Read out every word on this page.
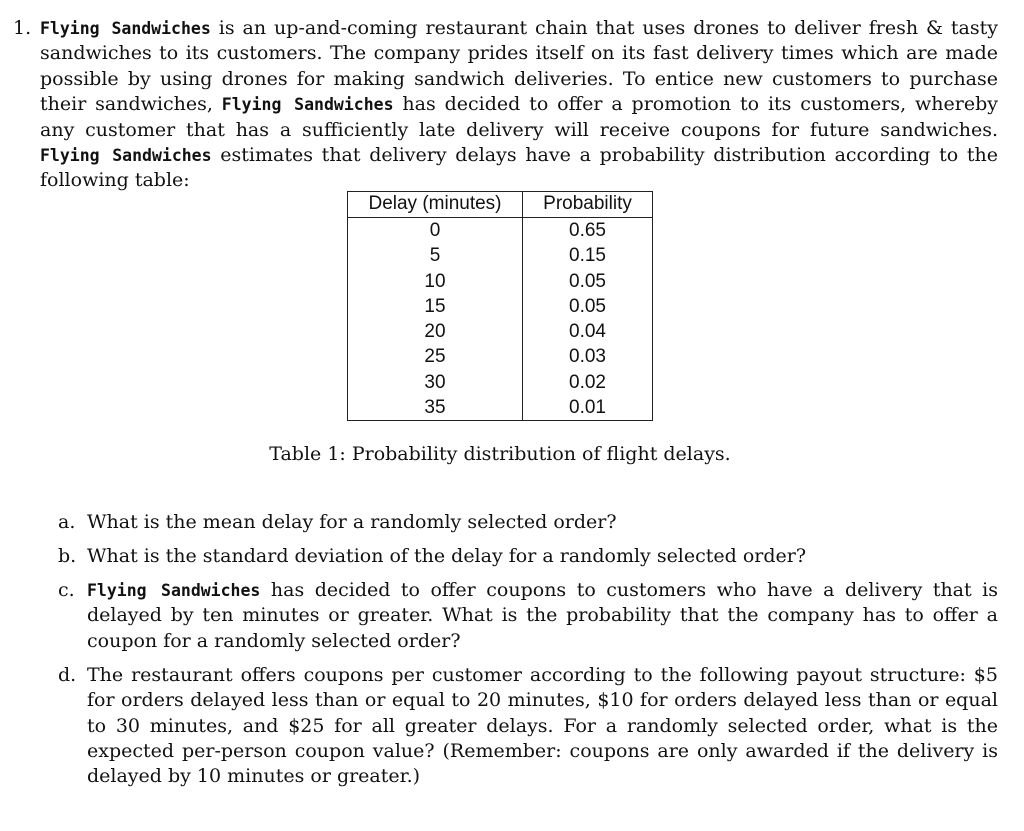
1. Flying Sandwiches is an up-and-coming restaurant chain that uses drones to deliver fresh & tasty sandwiches to its customers. The company prides itself on its fast delivery times which are made possible by using drones for making sandwich deliveries. To entice new customers to purchase their sandwiches, Flying Sandwiches has decided to offer a promotion to its customers, whereby any customer that has a sufficiently late delivery will receive coupons for future sandwiches. Flying Sandwiches estimates that delivery delays have a probability distribution according to the following table:
Delay (minutes)	Probability
0	0.65
5	0.15
10	0.05
15	0.05
20	0.04
25	0.03
30	0.02
35	0.01
Table 1: Probability distribution of flight delays.
a. What is the mean delay for a randomly selected order?
b. What is the standard deviation of the delay for a randomly selected order?
c. Flying Sandwiches has decided to offer coupons to customers who have a delivery that is delayed by ten minutes or greater. What is the probability that the company has to offer a coupon for a randomly selected order?
d. The restaurant offers coupons per customer according to the following payout structure: $5 for orders delayed less than or equal to 20 minutes, $10 for orders delayed less than or equal to 30 minutes, and $25 for all greater delays. For a randomly selected order, what is the expected per-person coupon value? (Remember: coupons are only awarded if the delivery is delayed by 10 minutes or greater.)
